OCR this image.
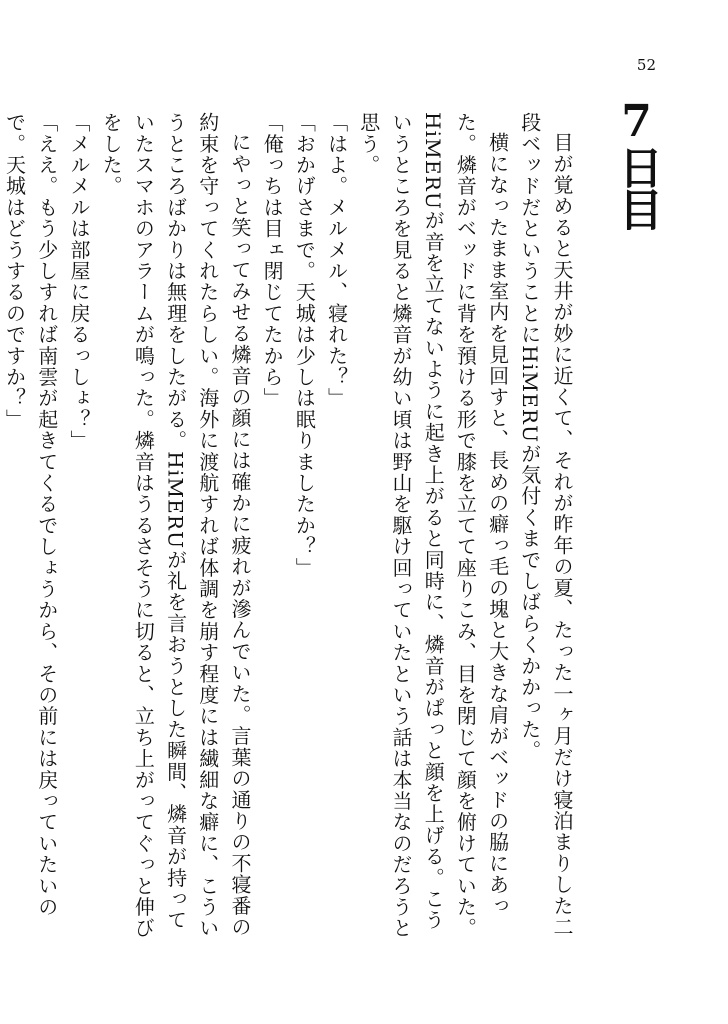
52
7日目

目が覚めると天井が妙に近くて、それが昨年の夏、たった一ヶ月だけ寝泊まりした二段ベッドだということにHiMERUが気付くまでしばらくかかった。

横になったまま室内を見回すと、長めの癖っ毛の塊と大きな肩がベッドの脇にあった。燐音がベッドに背を預ける形で膝を立てて座りこみ、目を閉じて顔を俯けていた。HiMERUが音を立てないように起き上がると同時に、燐音がぱっと顔を上げる。こういうところを見ると燐音が幼い頃は野山を駆け回っていたという話は本当なのだろうと思う。

「はよ。メルメル、寝れた？」

「おかげさまで。天城は少しは眠りましたか？」

「俺っちは目ェ閉じてたから」

にやっと笑ってみせる燐音の顔には確かに疲れが滲んでいた。言葉の通りの不寝番の約束を守ってくれたらしい。海外に渡航すれば体調を崩す程度には繊細な癖に、こういうところばかりは無理をしたがる。HiMERUが礼を言おうとした瞬間、燐音が持っていたスマホのアラームが鳴った。燐音はうるさそうに切ると、立ち上がってぐっと伸びをした。

「メルメルは部屋に戻るっしょ？」

「ええ。もう少しすれば南雲が起きてくるでしょうから、その前には戻っていたいので。天城はどうするのですか？」
